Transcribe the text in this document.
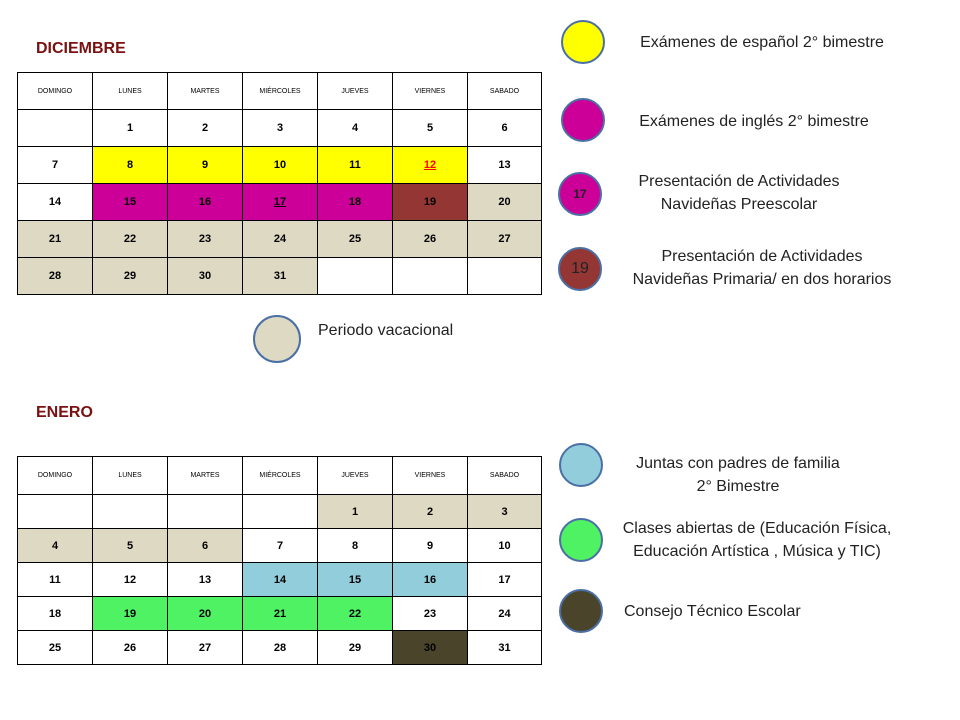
DICIEMBRE
DOMINGO	LUNES	MARTES	MIÉRCOLES	JUEVES	VIERNES	SABADO
	1	2	3	4	5	6
7	8	9	10	11	12	13
14	15	16	17	18	19	20
21	22	23	24	25	26	27
28	29	30	31			
ENERO
DOMINGO	LUNES	MARTES	MIÉRCOLES	JUEVES	VIERNES	SABADO
				1	2	3
4	5	6	7	8	9	10
11	12	13	14	15	16	17
18	19	20	21	22	23	24
25	26	27	28	29	30	31
Exámenes de español 2° bimestre
Exámenes de inglés 2° bimestre
17
Presentación de Actividades
Navideñas Preescolar
19
Presentación de Actividades
Navideñas Primaria/ en dos horarios
Periodo vacacional
Juntas con padres de familia
2° Bimestre
Clases abiertas de (Educación Física,
Educación Artística , Música y TIC)
Consejo Técnico Escolar
